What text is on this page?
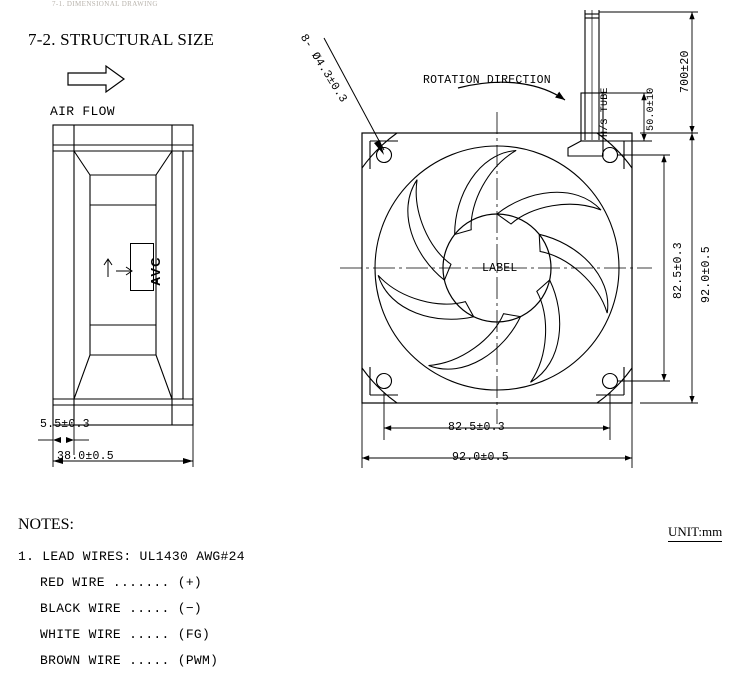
7-1. DIMENSIONAL DRAWING
7-2. STRUCTURAL SIZE
AIR FLOW
AVC
5.5±0.3
38.0±0.5
8- Ø4.3±0.3	ROTATION DIRECTION
H/S TUBE	50.0±10
700±20
LABEL	82.5±0.3 92.0±0.5
82.5±0.3
92.0±0.5
NOTES:
1. LEAD WIRES: UL1430 AWG#24
RED WIRE ....... (+)
BLACK WIRE ..... (−)
WHITE WIRE ..... (FG)
BROWN WIRE ..... (PWM)
UNIT:mm
